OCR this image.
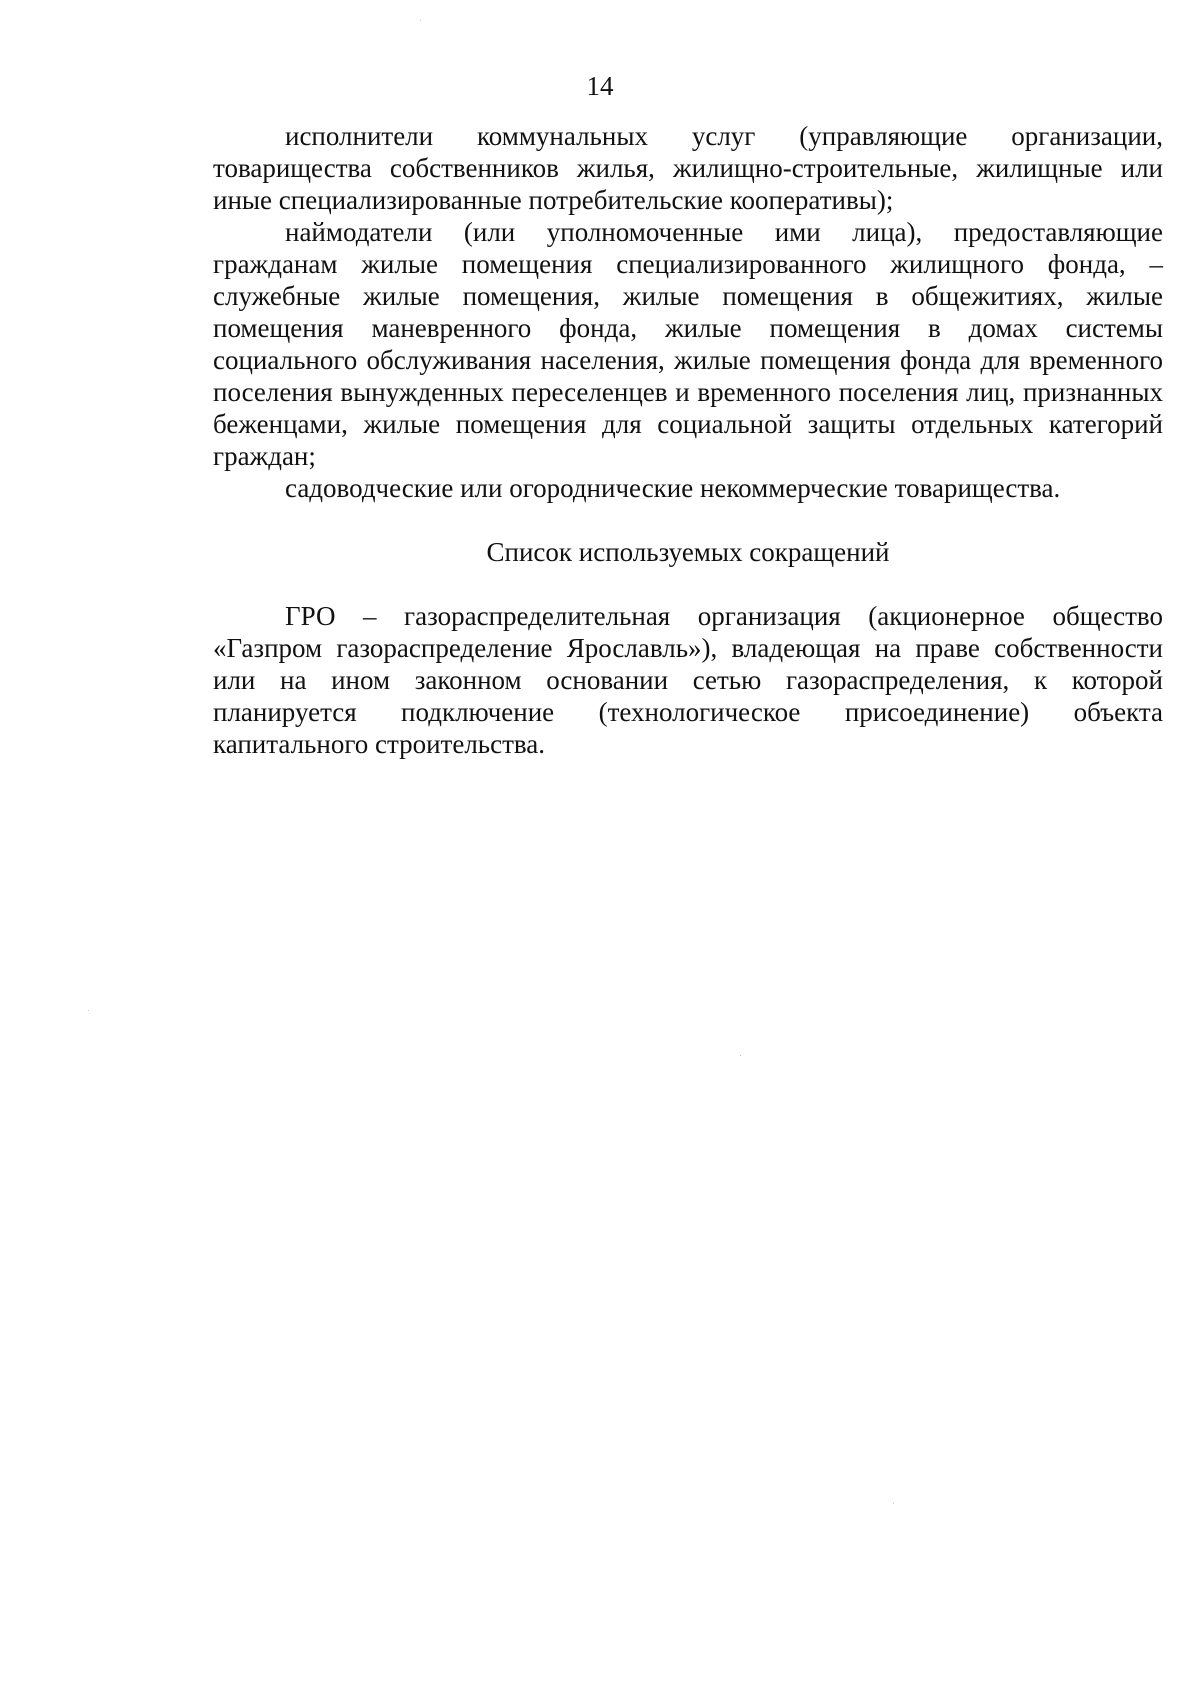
14

исполнители коммунальных услуг (управляющие организации, товарищества собственников жилья, жилищно-строительные, жилищные или иные специализированные потребительские кооперативы);

наймодатели (или уполномоченные ими лица), предоставляющие гражданам жилые помещения специализированного жилищного фонда, – служебные жилые помещения, жилые помещения в общежитиях, жилые помещения маневренного фонда, жилые помещения в домах системы социального обслуживания населения, жилые помещения фонда для временного поселения вынужденных переселенцев и временного поселения лиц, признанных беженцами, жилые помещения для социальной защиты отдельных категорий граждан;

садоводческие или огороднические некоммерческие товарищества.

Список используемых сокращений

ГРО – газораспределительная организация (акционерное общество «Газпром газораспределение Ярославль»), владеющая на праве собственности или на ином законном основании сетью газораспределения, к которой планируется подключение (технологическое присоединение) объекта капитального строительства.
